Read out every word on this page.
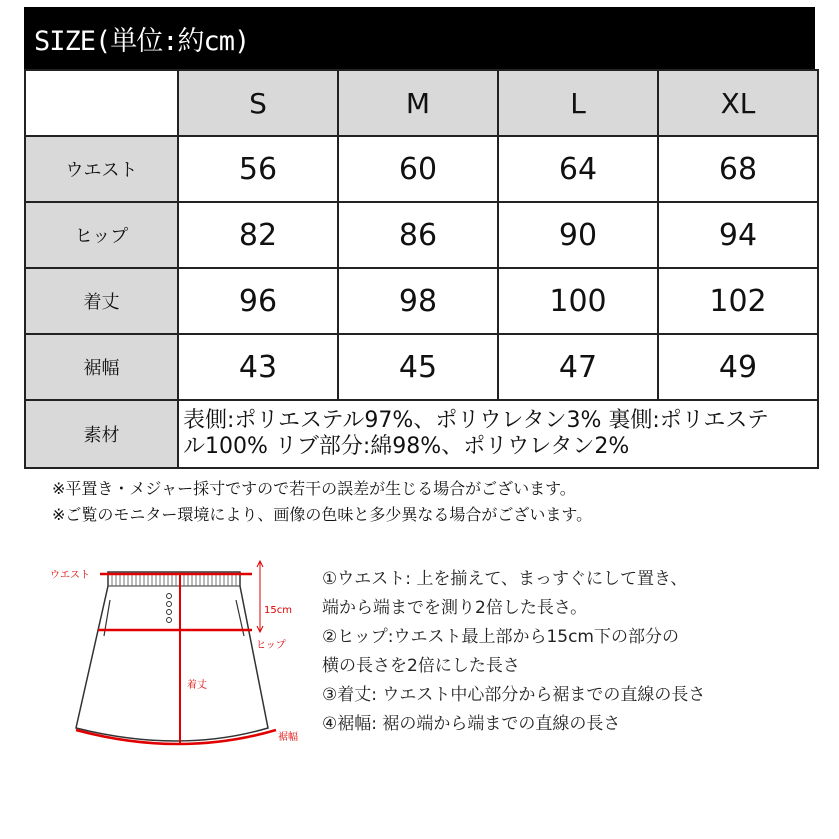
SIZE(単位:約cm)
	S	M	L	XL
ウエスト	56	60	64	68
ヒップ	82	86	90	94
着丈	96	98	100	102
裾幅	43	45	47	49
素材	表側:ポリエステル97%、ポリウレタン3% 裏側:ポリエステ
ル100% リブ部分:綿98%、ポリウレタン2%			
※平置き・メジャー採寸ですので若干の誤差が生じる場合がございます。
※ご覧のモニター環境により、画像の色味と多少異なる場合がございます。
ウエスト
15cm
ヒップ
着丈
裾幅
①ウエスト: 上を揃えて、まっすぐにして置き、
端から端までを測り2倍した長さ。
②ヒップ:ウエスト最上部から15cm下の部分の
横の長さを2倍にした長さ
③着丈: ウエスト中心部分から裾までの直線の長さ
④裾幅: 裾の端から端までの直線の長さ
